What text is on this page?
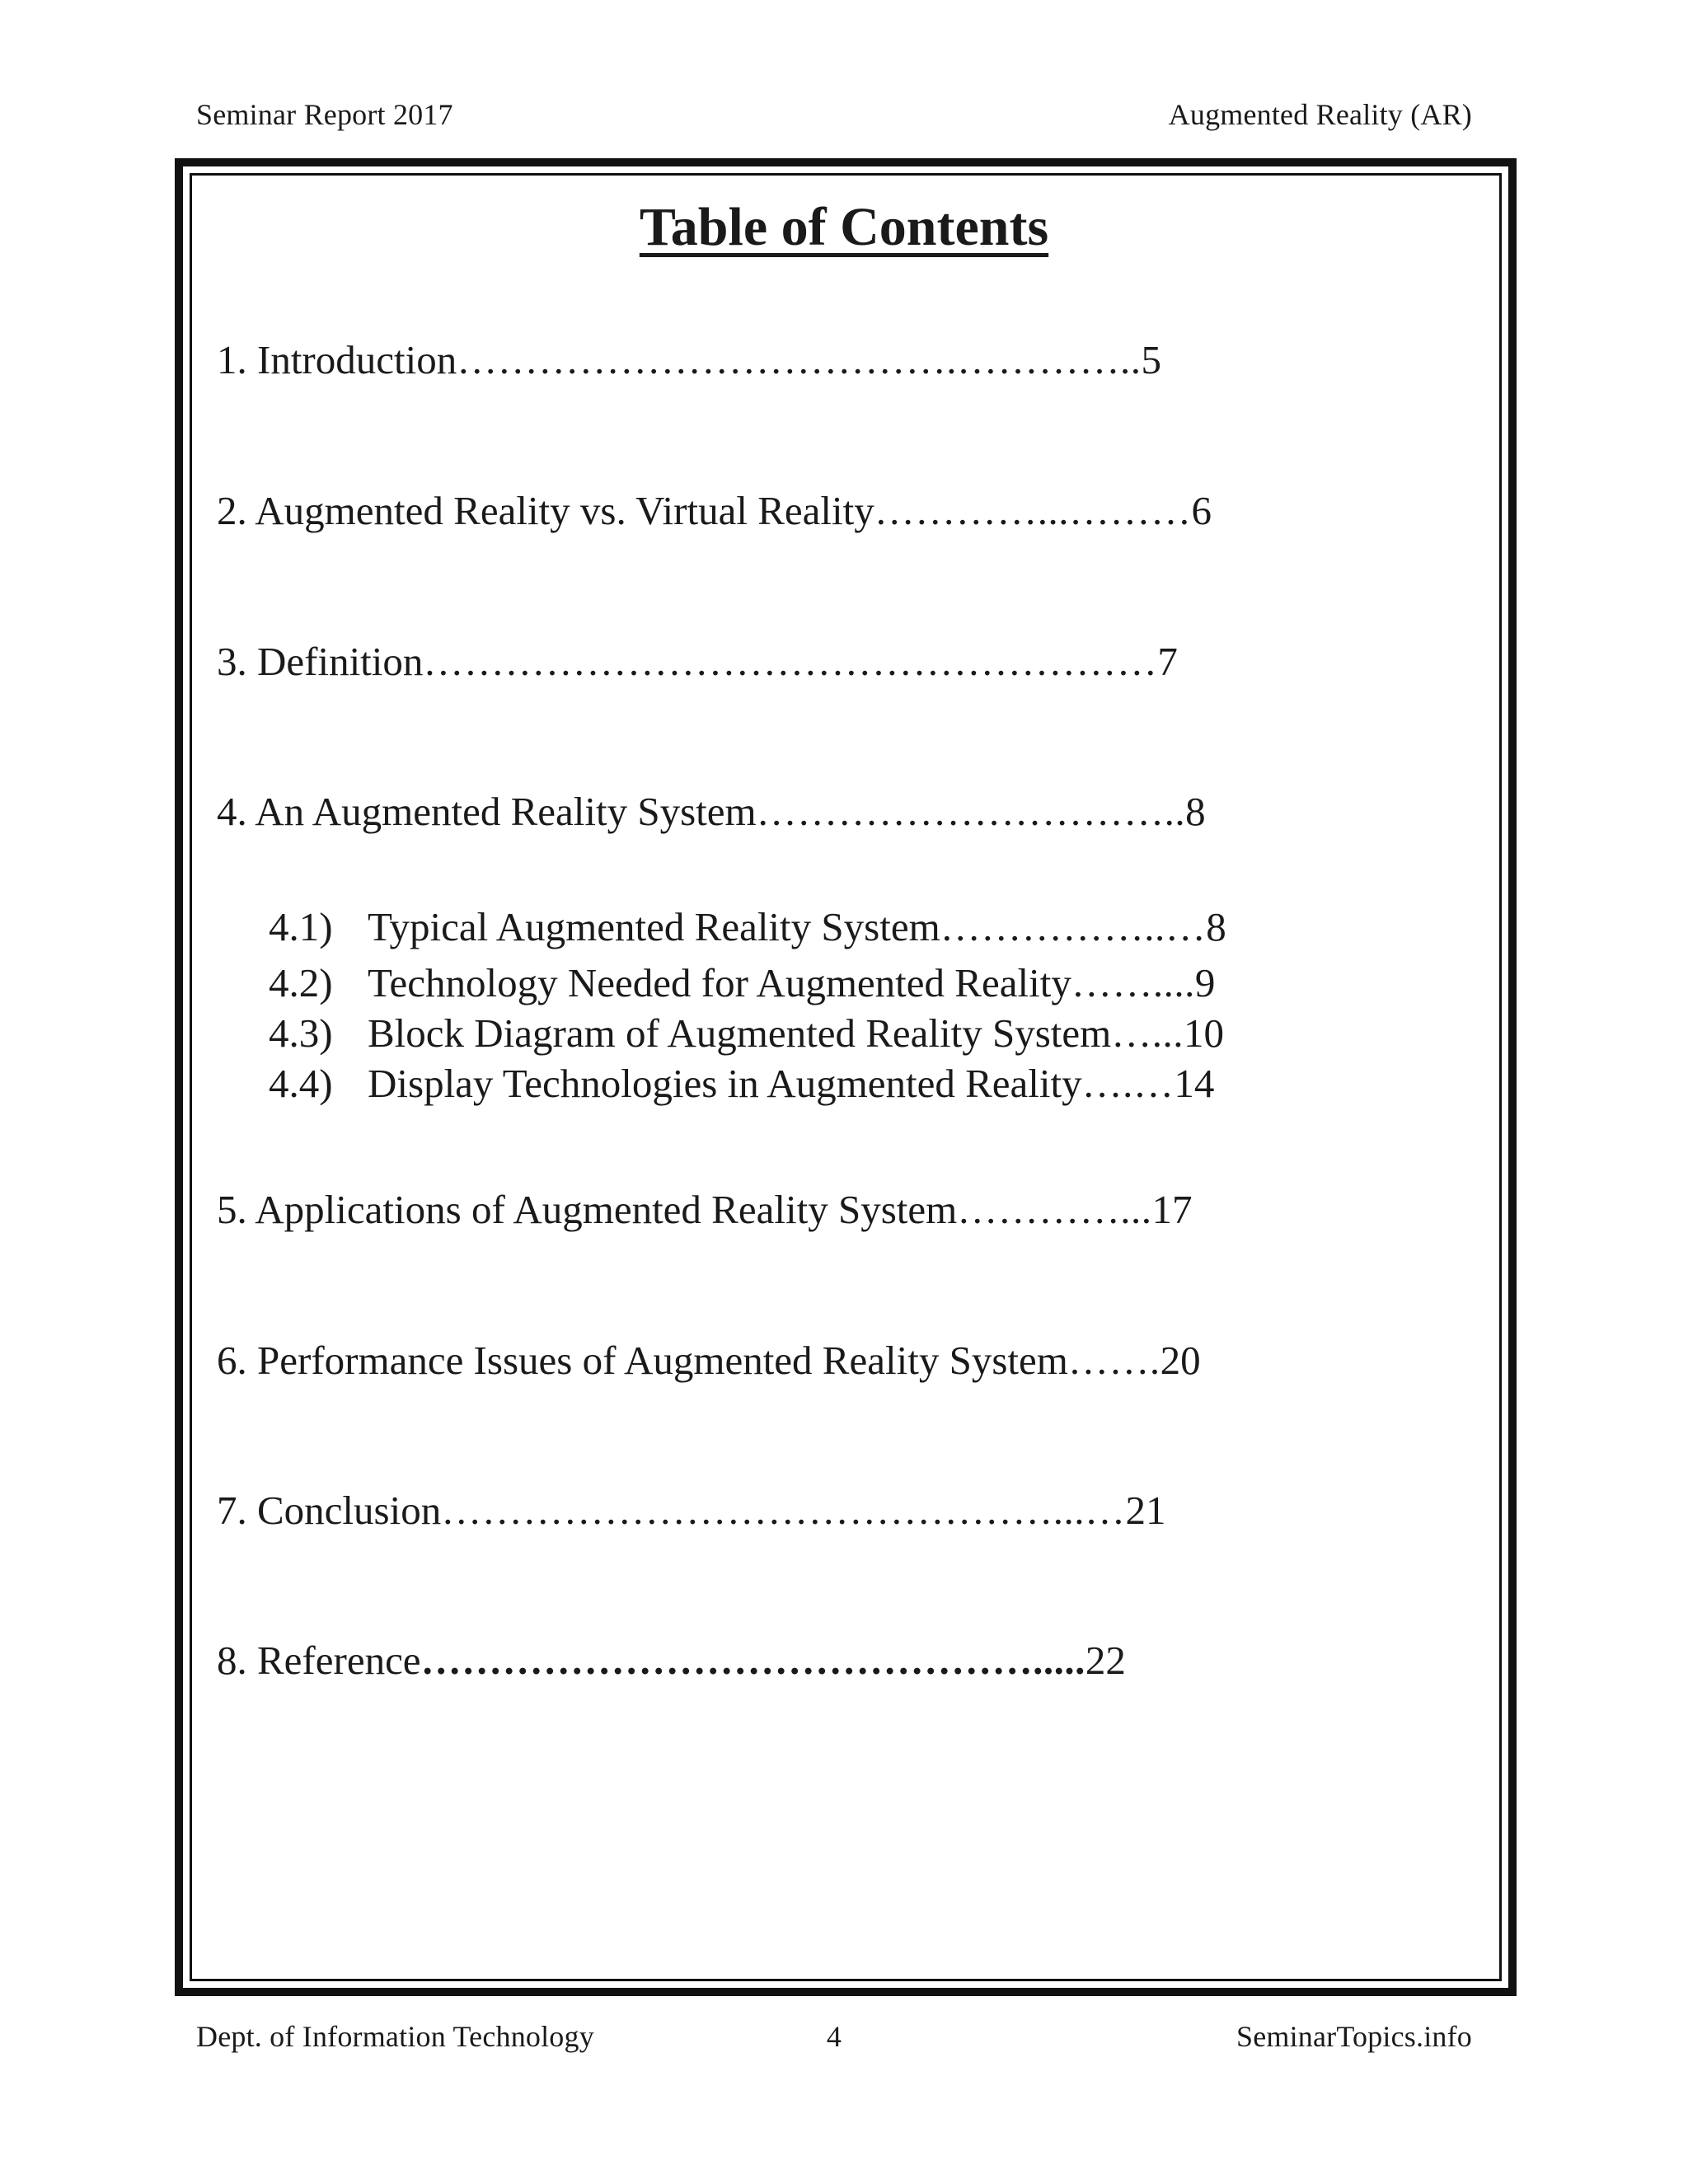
Seminar Report 2017	Augmented Reality (AR)
Table of Contents
1. Introduction……………………………….…………..5
2. Augmented Reality vs. Virtual Reality…………...………6
3. Definition………………………………………………7
4. An Augmented Reality System…………………………..8
4.1) Typical Augmented Reality System……………..…8
4.2) Technology Needed for Augmented Reality……....9
4.3) Block Diagram of Augmented Reality System…...10
4.4) Display Technologies in Augmented Reality….…14
5. Applications of Augmented Reality System…………...17
6. Performance Issues of Augmented Reality System…….20
7. Conclusion………………………………………...…21
8. Reference……………………………………….....22
Dept. of Information Technology	4	SeminarTopics.info
